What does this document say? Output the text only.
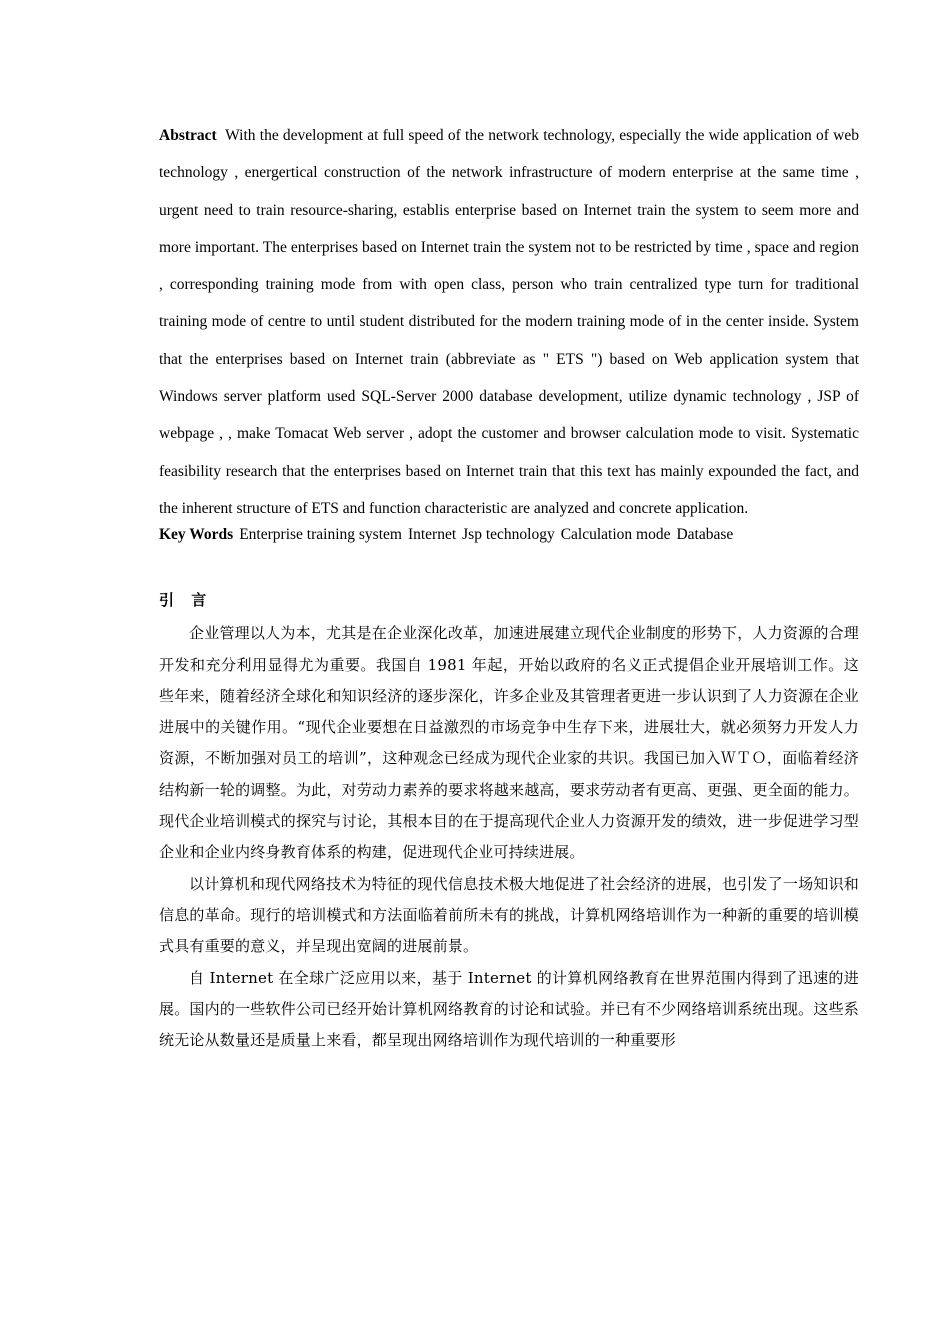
Abstract With the development at full speed of the network technology, especially the wide application of web technology , energertical construction of the network infrastructure of modern enterprise at the same time , urgent need to train resource-sharing, establis enterprise based on Internet train the system to seem more and more important. The enterprises based on Internet train the system not to be restricted by time , space and region , corresponding training mode from with open class, person who train centralized type turn for traditional training mode of centre to until student distributed for the modern training mode of in the center inside. System that the enterprises based on Internet train (abbreviate as " ETS ") based on Web application system that Windows server platform used SQL-Server 2000 database development, utilize dynamic technology , JSP of webpage , , make Tomacat Web server , adopt the customer and browser calculation mode to visit. Systematic feasibility research that the enterprises based on Internet train that this text has mainly expounded the fact, and the inherent structure of ETS and function characteristic are analyzed and concrete application.

Key Words Enterprise training system Internet Jsp technology Calculation mode Database

引 言

企业管理以人为本，尤其是在企业深化改革，加速进展建立现代企业制度的形势下，人力资源的合理开发和充分利用显得尤为重要。我国自 1981 年起，开始以政府的名义正式提倡企业开展培训工作。这些年来，随着经济全球化和知识经济的逐步深化，许多企业及其管理者更进一步认识到了人力资源在企业进展中的关键作用。“现代企业要想在日益激烈的市场竞争中生存下来，进展壮大，就必须努力开发人力资源，不断加强对员工的培训”，这种观念已经成为现代企业家的共识。我国已加入ＷＴＯ，面临着经济结构新一轮的调整。为此，对劳动力素养的要求将越来越高，要求劳动者有更高、更强、更全面的能力。现代企业培训模式的探究与讨论，其根本目的在于提高现代企业人力资源开发的绩效，进一步促进学习型企业和企业内终身教育体系的构建，促进现代企业可持续进展。

以计算机和现代网络技术为特征的现代信息技术极大地促进了社会经济的进展，也引发了一场知识和信息的革命。现行的培训模式和方法面临着前所未有的挑战，计算机网络培训作为一种新的重要的培训模式具有重要的意义，并呈现出宽阔的进展前景。

自 Internet 在全球广泛应用以来，基于 Internet 的计算机网络教育在世界范围内得到了迅速的进展。国内的一些软件公司已经开始计算机网络教育的讨论和试验。并已有不少网络培训系统出现。这些系统无论从数量还是质量上来看，都呈现出网络培训作为现代培训的一种重要形
